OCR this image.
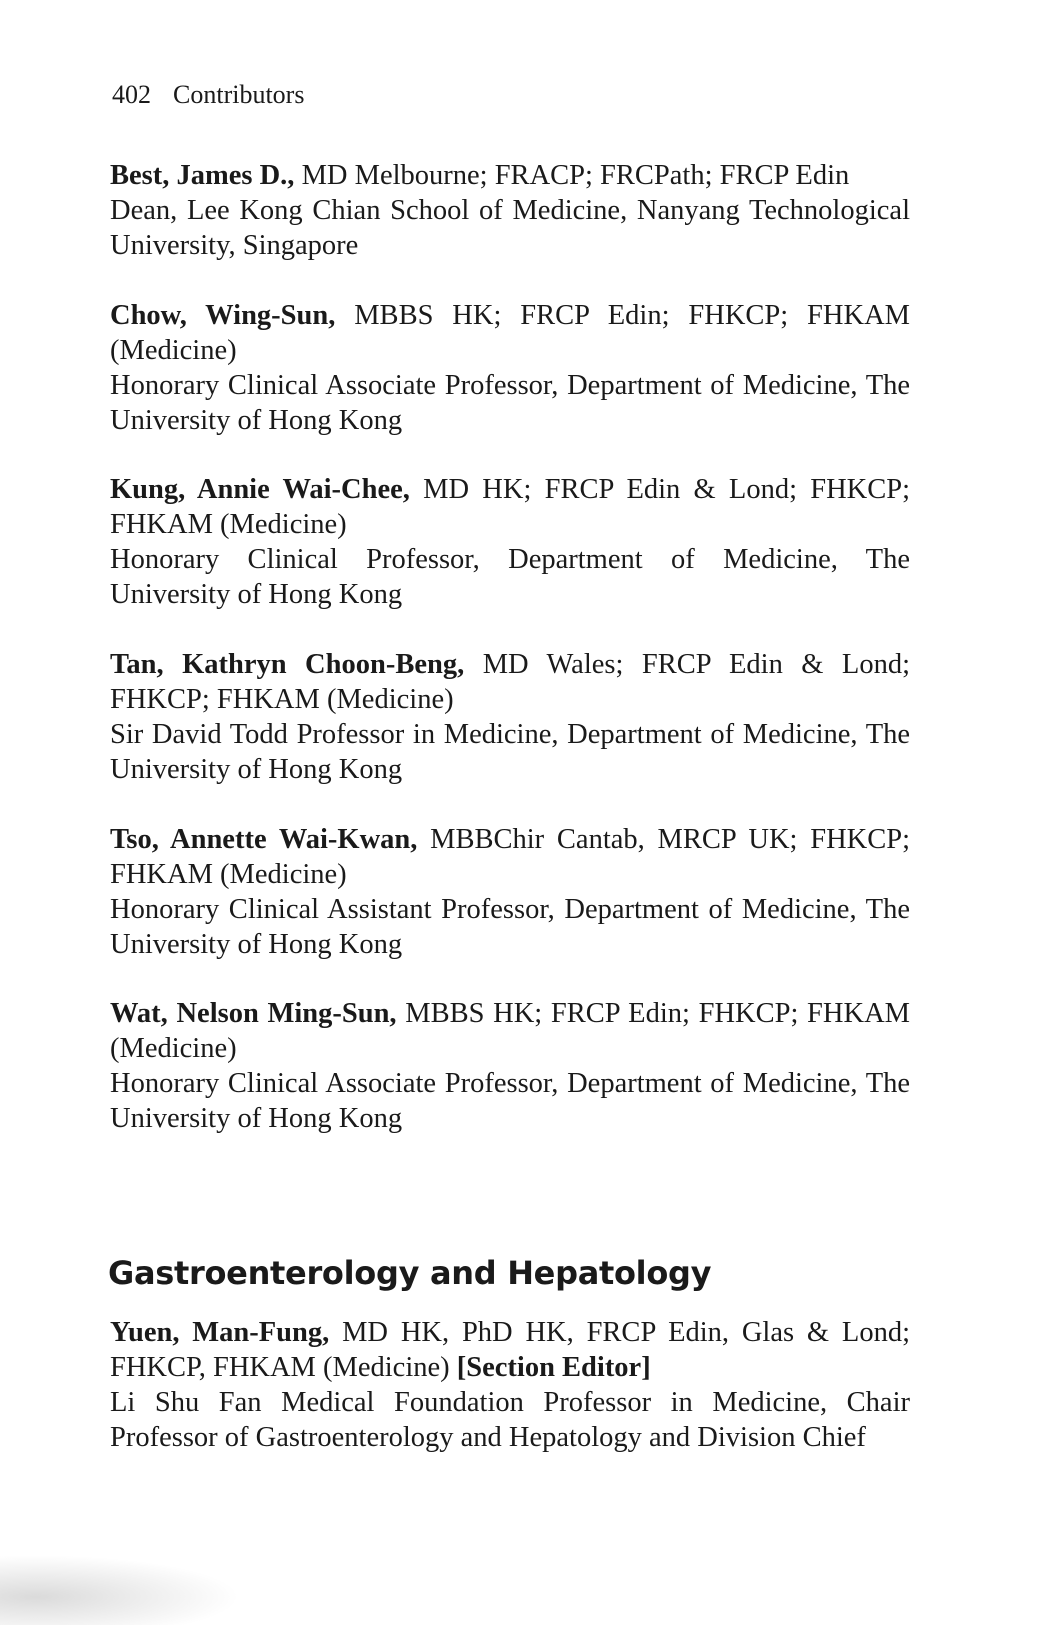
402 Contributors

Best, James D., MD Melbourne; FRACP; FRCPath; FRCP Edin

Dean, Lee Kong Chian School of Medicine, Nanyang Technological University, Singapore

Chow, Wing-Sun, MBBS HK; FRCP Edin; FHKCP; FHKAM (Medicine)

Honorary Clinical Associate Professor, Department of Medicine, The University of Hong Kong

Kung, Annie Wai-Chee, MD HK; FRCP Edin & Lond; FHKCP; FHKAM (Medicine)

Honorary Clinical Professor, Department of Medicine, The University of Hong Kong

Tan, Kathryn Choon-Beng, MD Wales; FRCP Edin & Lond; FHKCP; FHKAM (Medicine)

Sir David Todd Professor in Medicine, Department of Medicine, The University of Hong Kong

Tso, Annette Wai-Kwan, MBBChir Cantab, MRCP UK; FHKCP; FHKAM (Medicine)

Honorary Clinical Assistant Professor, Department of Medicine, The University of Hong Kong

Wat, Nelson Ming-Sun, MBBS HK; FRCP Edin; FHKCP; FHKAM (Medicine)

Honorary Clinical Associate Professor, Department of Medicine, The University of Hong Kong

Gastroenterology and Hepatology

Yuen, Man-Fung, MD HK, PhD HK, FRCP Edin, Glas & Lond; FHKCP, FHKAM (Medicine) [Section Editor]

Li Shu Fan Medical Foundation Professor in Medicine, Chair Professor of Gastroenterology and Hepatology and Division Chief
